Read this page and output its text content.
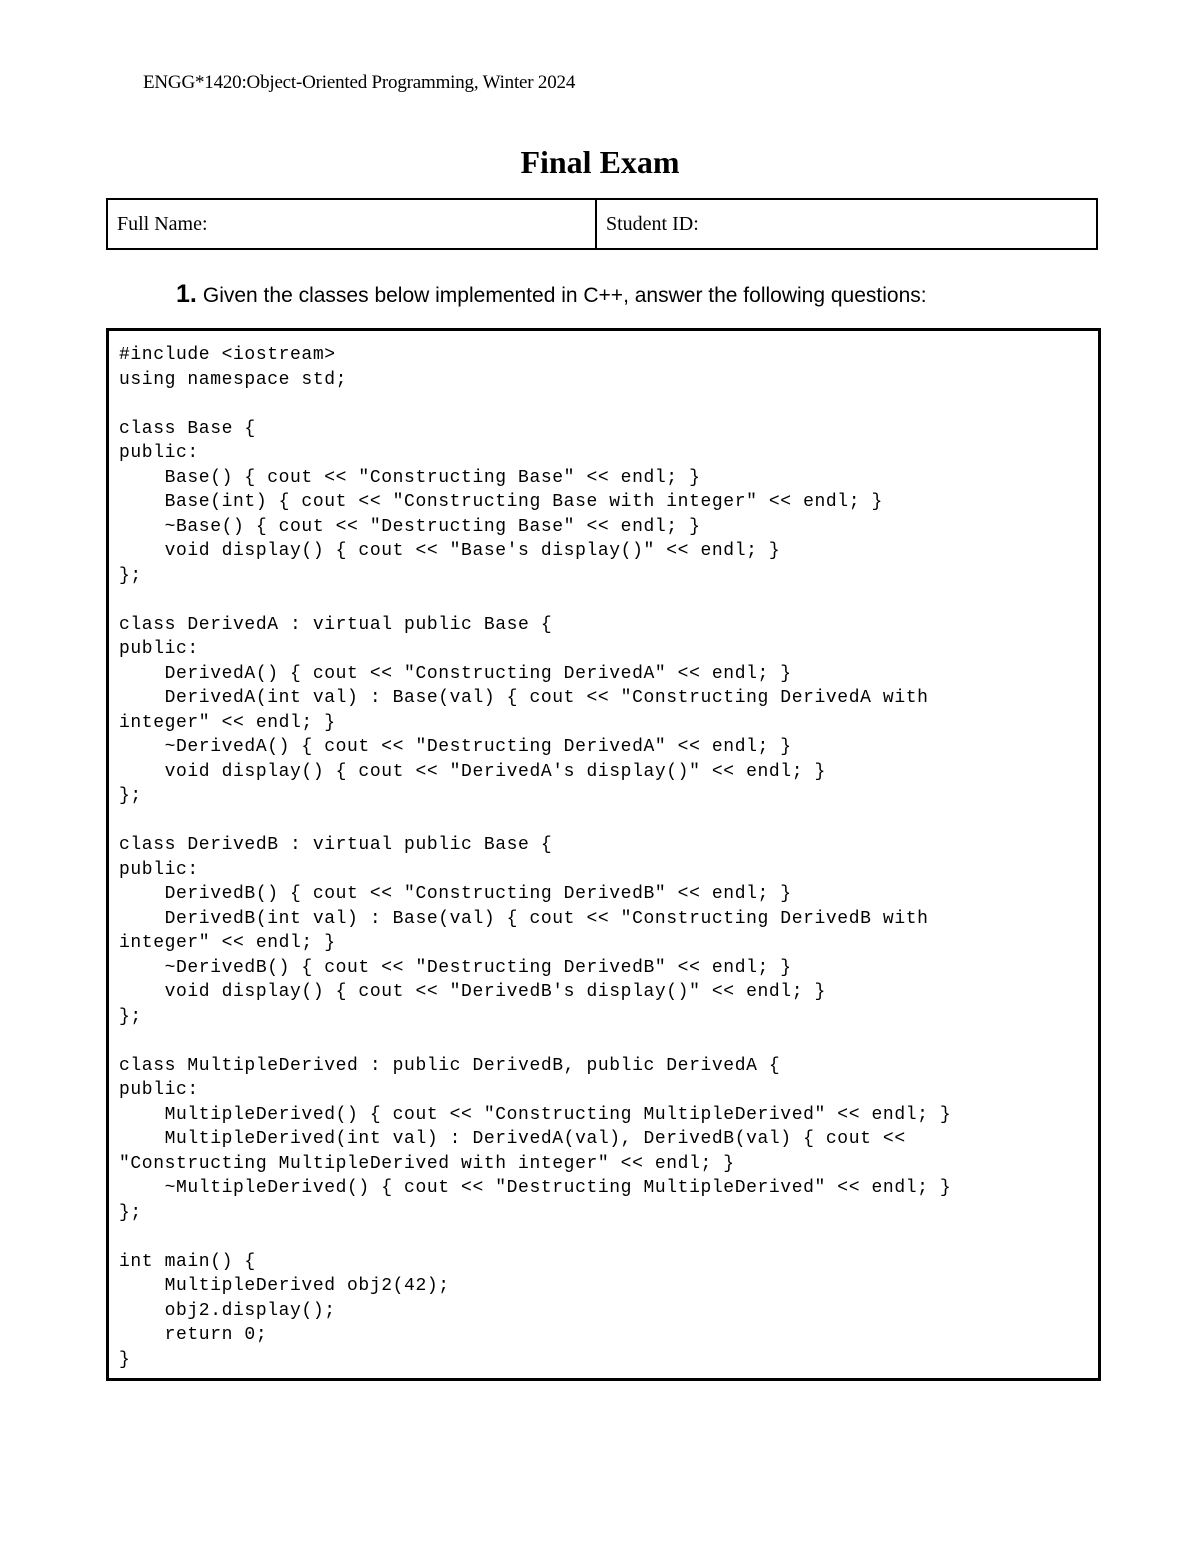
ENGG*1420:Object-Oriented Programming, Winter 2024
Final Exam
Full Name:	Student ID:
1. Given the classes below implemented in C++, answer the following questions:
#include <iostream>
using namespace std;
class Base {
public:
Base() { cout << "Constructing Base" << endl; }
Base(int) { cout << "Constructing Base with integer" << endl; }
~Base() { cout << "Destructing Base" << endl; }
void display() { cout << "Base's display()" << endl; }
};
class DerivedA : virtual public Base {
public:
DerivedA() { cout << "Constructing DerivedA" << endl; }
DerivedA(int val) : Base(val) { cout << "Constructing DerivedA with
integer" << endl; }
~DerivedA() { cout << "Destructing DerivedA" << endl; }
void display() { cout << "DerivedA's display()" << endl; }
};
class DerivedB : virtual public Base {
public:
DerivedB() { cout << "Constructing DerivedB" << endl; }
DerivedB(int val) : Base(val) { cout << "Constructing DerivedB with
integer" << endl; }
~DerivedB() { cout << "Destructing DerivedB" << endl; }
void display() { cout << "DerivedB's display()" << endl; }
};
class MultipleDerived : public DerivedB, public DerivedA {
public:
MultipleDerived() { cout << "Constructing MultipleDerived" << endl; }
MultipleDerived(int val) : DerivedA(val), DerivedB(val) { cout <<
"Constructing MultipleDerived with integer" << endl; }
~MultipleDerived() { cout << "Destructing MultipleDerived" << endl; }
};
int main() {
MultipleDerived obj2(42);
obj2.display();
return 0;
}
